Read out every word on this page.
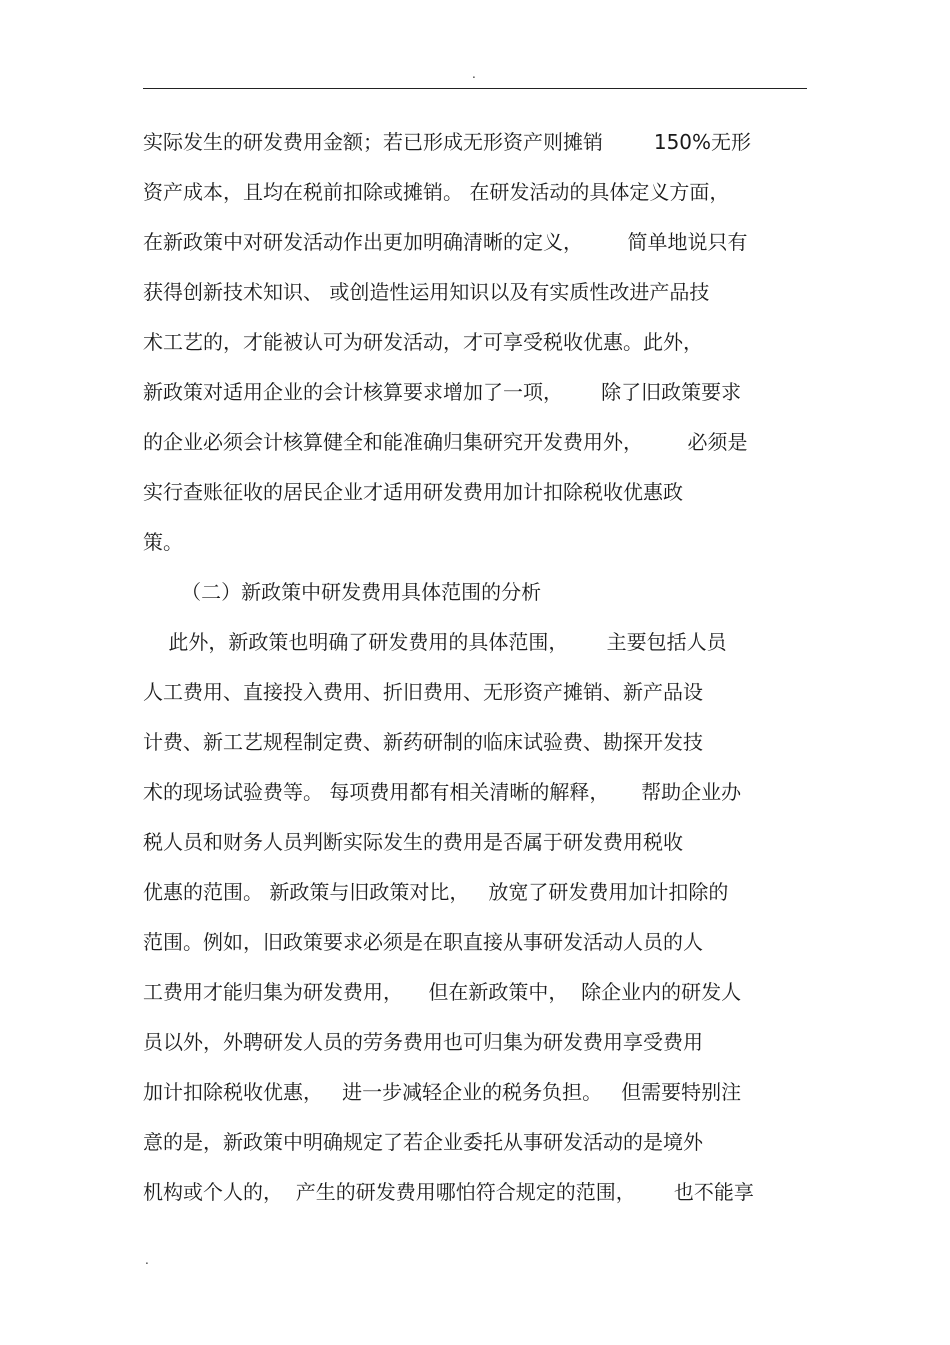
.
实际发生的研发费用金额；若已形成无形资产则摊销        150%无形
资产成本，且均在税前扣除或摊销。 在研发活动的具体定义方面，
在新政策中对研发活动作出更加明确清晰的定义，       简单地说只有
获得创新技术知识、 或创造性运用知识以及有实质性改进产品技
术工艺的，才能被认可为研发活动，才可享受税收优惠。此外，
新政策对适用企业的会计核算要求增加了一项，      除了旧政策要求
的企业必须会计核算健全和能准确归集研究开发费用外，       必须是
实行查账征收的居民企业才适用研发费用加计扣除税收优惠政
策。
（二）新政策中研发费用具体范围的分析
此外，新政策也明确了研发费用的具体范围，      主要包括人员
人工费用、直接投入费用、折旧费用、无形资产摊销、新产品设
计费、新工艺规程制定费、新药研制的临床试验费、勘探开发技
术的现场试验费等。 每项费用都有相关清晰的解释，     帮助企业办
税人员和财务人员判断实际发生的费用是否属于研发费用税收
优惠的范围。 新政策与旧政策对比，   放宽了研发费用加计扣除的
范围。例如，旧政策要求必须是在职直接从事研发活动人员的人
工费用才能归集为研发费用，    但在新政策中，  除企业内的研发人
员以外，外聘研发人员的劳务费用也可归集为研发费用享受费用
加计扣除税收优惠，   进一步减轻企业的税务负担。   但需要特别注
意的是，新政策中明确规定了若企业委托从事研发活动的是境外
机构或个人的，  产生的研发费用哪怕符合规定的范围，      也不能享
.
